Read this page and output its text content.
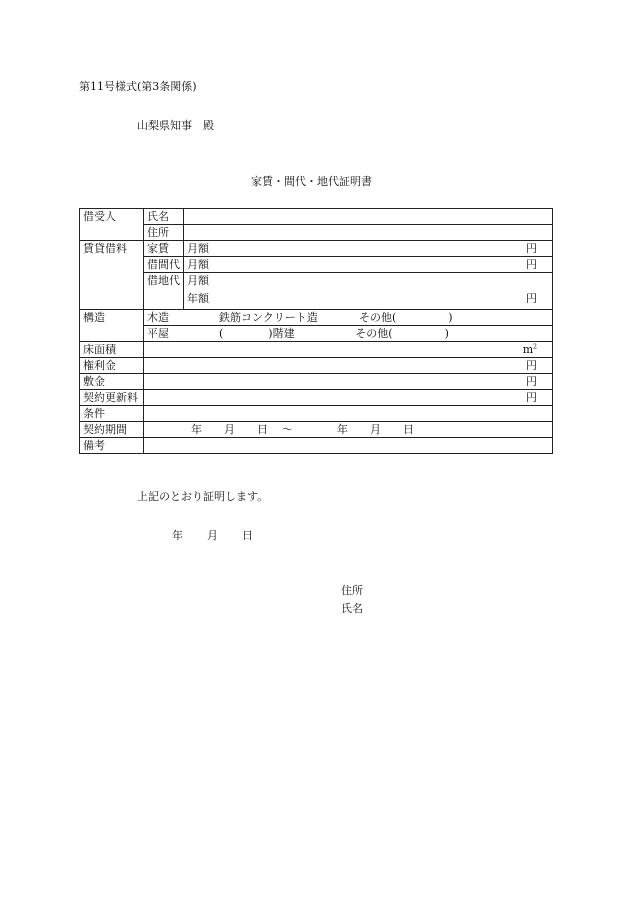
第11号様式(第3条関係)
山梨県知事　殿
家賃・間代・地代証明書
借受人	氏名	
	住所	
賃貸借料	家賃	月額 円

	借間代	月額 円

	借地代	月額
		年額 円

構造	木造 鉄筋コンクリート造 その他( )	
	平屋 ( )階建 その他( )	
床面積	$m^2$

権利金	円	

敷金	円	

契約更新料	円	

条件		
契約期間	年 月 日 ～ 年 月 日	
備考		
上記のとおり証明します。
年 月 日
住所
氏名
